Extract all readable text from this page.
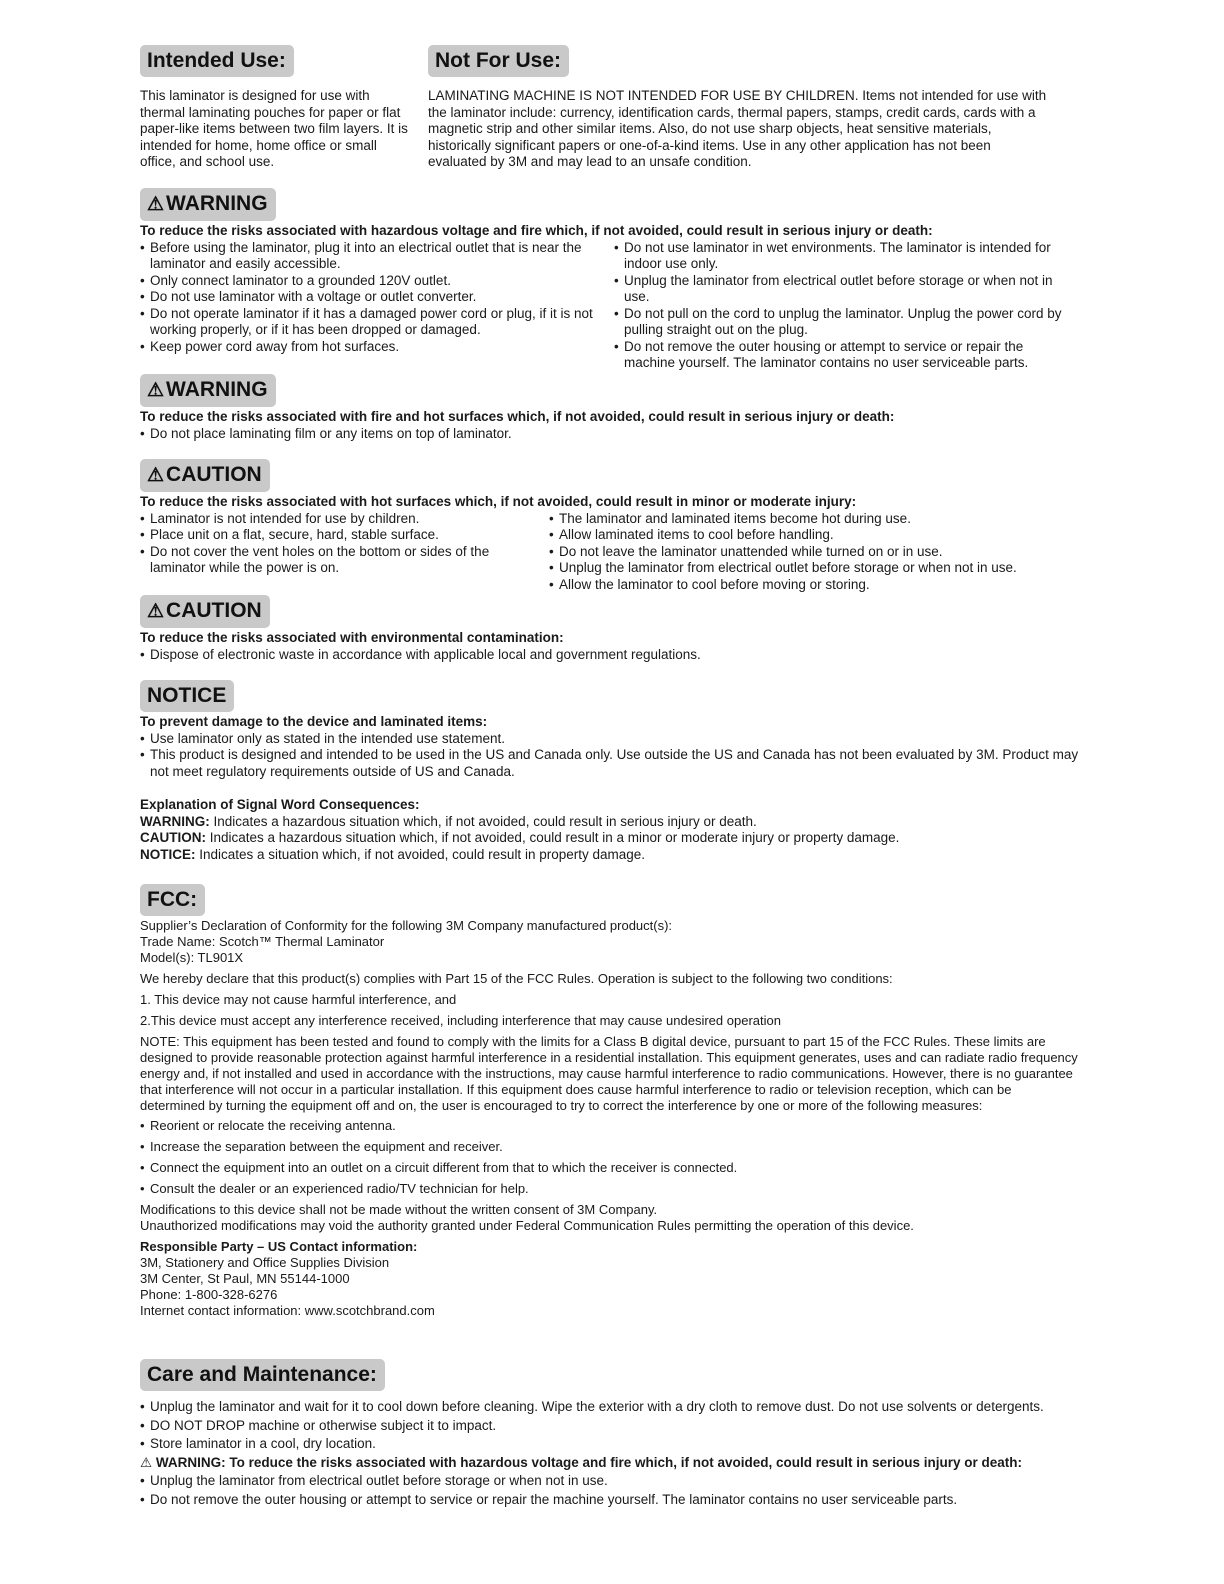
Intended Use:

This laminator is designed for use with thermal laminating pouches for paper or flat paper-like items between two film layers. It is intended for home, home office or small office, and school use.

Not For Use:

LAMINATING MACHINE IS NOT INTENDED FOR USE BY CHILDREN. Items not intended for use with the laminator include: currency, identification cards, thermal papers, stamps, credit cards, cards with a magnetic strip and other similar items. Also, do not use sharp objects, heat sensitive materials, historically significant papers or one-of-a-kind items. Use in any other application has not been evaluated by 3M and may lead to an unsafe condition.

⚠WARNING

To reduce the risks associated with hazardous voltage and fire which, if not avoided, could result in serious injury or death:

• Before using the laminator, plug it into an electrical outlet that is near the laminator and easily accessible.
• Only connect laminator to a grounded 120V outlet.
• Do not use laminator with a voltage or outlet converter.
• Do not operate laminator if it has a damaged power cord or plug, if it is not working properly, or if it has been dropped or damaged.
• Keep power cord away from hot surfaces.
• Do not use laminator in wet environments. The laminator is intended for indoor use only.
• Unplug the laminator from electrical outlet before storage or when not in use.
• Do not pull on the cord to unplug the laminator. Unplug the power cord by pulling straight out on the plug.
• Do not remove the outer housing or attempt to service or repair the machine yourself. The laminator contains no user serviceable parts.
⚠WARNING

To reduce the risks associated with fire and hot surfaces which, if not avoided, could result in serious injury or death:

• Do not place laminating film or any items on top of laminator.
⚠CAUTION

To reduce the risks associated with hot surfaces which, if not avoided, could result in minor or moderate injury:

• Laminator is not intended for use by children.
• Place unit on a flat, secure, hard, stable surface.
• Do not cover the vent holes on the bottom or sides of the laminator while the power is on.
• The laminator and laminated items become hot during use.
• Allow laminated items to cool before handling.
• Do not leave the laminator unattended while turned on or in use.
• Unplug the laminator from electrical outlet before storage or when not in use.
• Allow the laminator to cool before moving or storing.
⚠CAUTION

To reduce the risks associated with environmental contamination:

• Dispose of electronic waste in accordance with applicable local and government regulations.
NOTICE

To prevent damage to the device and laminated items:

• Use laminator only as stated in the intended use statement.
• This product is designed and intended to be used in the US and Canada only. Use outside the US and Canada has not been evaluated by 3M. Product may not meet regulatory requirements outside of US and Canada.

Explanation of Signal Word Consequences:

WARNING: Indicates a hazardous situation which, if not avoided, could result in serious injury or death.

CAUTION: Indicates a hazardous situation which, if not avoided, could result in a minor or moderate injury or property damage.

NOTICE: Indicates a situation which, if not avoided, could result in property damage.

FCC:

Supplier’s Declaration of Conformity for the following 3M Company manufactured product(s):

Trade Name: Scotch™ Thermal Laminator

Model(s): TL901X

We hereby declare that this product(s) complies with Part 15 of the FCC Rules. Operation is subject to the following two conditions:

1. This device may not cause harmful interference, and

2.This device must accept any interference received, including interference that may cause undesired operation

NOTE: This equipment has been tested and found to comply with the limits for a Class B digital device, pursuant to part 15 of the FCC Rules. These limits are designed to provide reasonable protection against harmful interference in a residential installation. This equipment generates, uses and can radiate radio frequency energy and, if not installed and used in accordance with the instructions, may cause harmful interference to radio communications. However, there is no guarantee that interference will not occur in a particular installation. If this equipment does cause harmful interference to radio or television reception, which can be determined by turning the equipment off and on, the user is encouraged to try to correct the interference by one or more of the following measures:

• Reorient or relocate the receiving antenna.
• Increase the separation between the equipment and receiver.
• Connect the equipment into an outlet on a circuit different from that to which the receiver is connected.
• Consult the dealer or an experienced radio/TV technician for help.

Modifications to this device shall not be made without the written consent of 3M Company.

Unauthorized modifications may void the authority granted under Federal Communication Rules permitting the operation of this device.

Responsible Party – US Contact information:

3M, Stationery and Office Supplies Division

3M Center, St Paul, MN 55144-1000

Phone: 1-800-328-6276

Internet contact information: www.scotchbrand.com

Care and Maintenance:
• Unplug the laminator and wait for it to cool down before cleaning. Wipe the exterior with a dry cloth to remove dust. Do not use solvents or detergents.
• DO NOT DROP machine or otherwise subject it to impact.
• Store laminator in a cool, dry location.

⚠ WARNING: To reduce the risks associated with hazardous voltage and fire which, if not avoided, could result in serious injury or death:

• Unplug the laminator from electrical outlet before storage or when not in use.
• Do not remove the outer housing or attempt to service or repair the machine yourself. The laminator contains no user serviceable parts.
